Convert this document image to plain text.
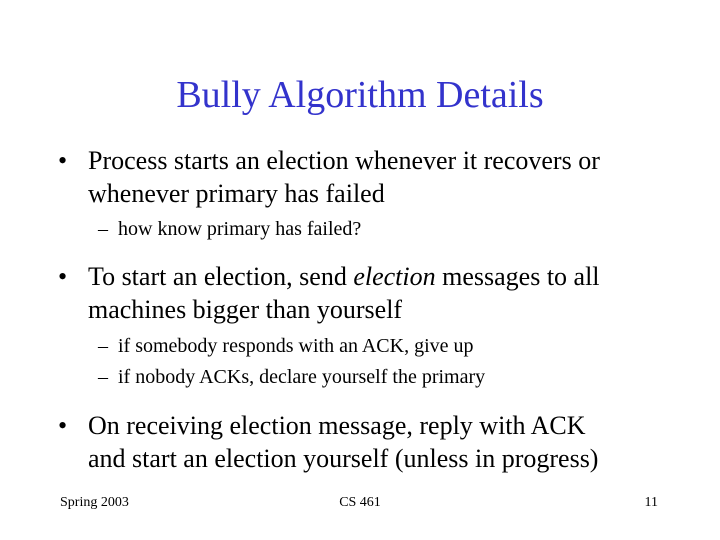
Bully Algorithm Details
• Process starts an election whenever it recovers or
whenever primary has failed
– how know primary has failed?
• To start an election, send election messages to all
machines bigger than yourself
– if somebody responds with an ACK, give up
– if nobody ACKs, declare yourself the primary
• On receiving election message, reply with ACK
and start an election yourself (unless in progress)
Spring 2003	CS 461	11
